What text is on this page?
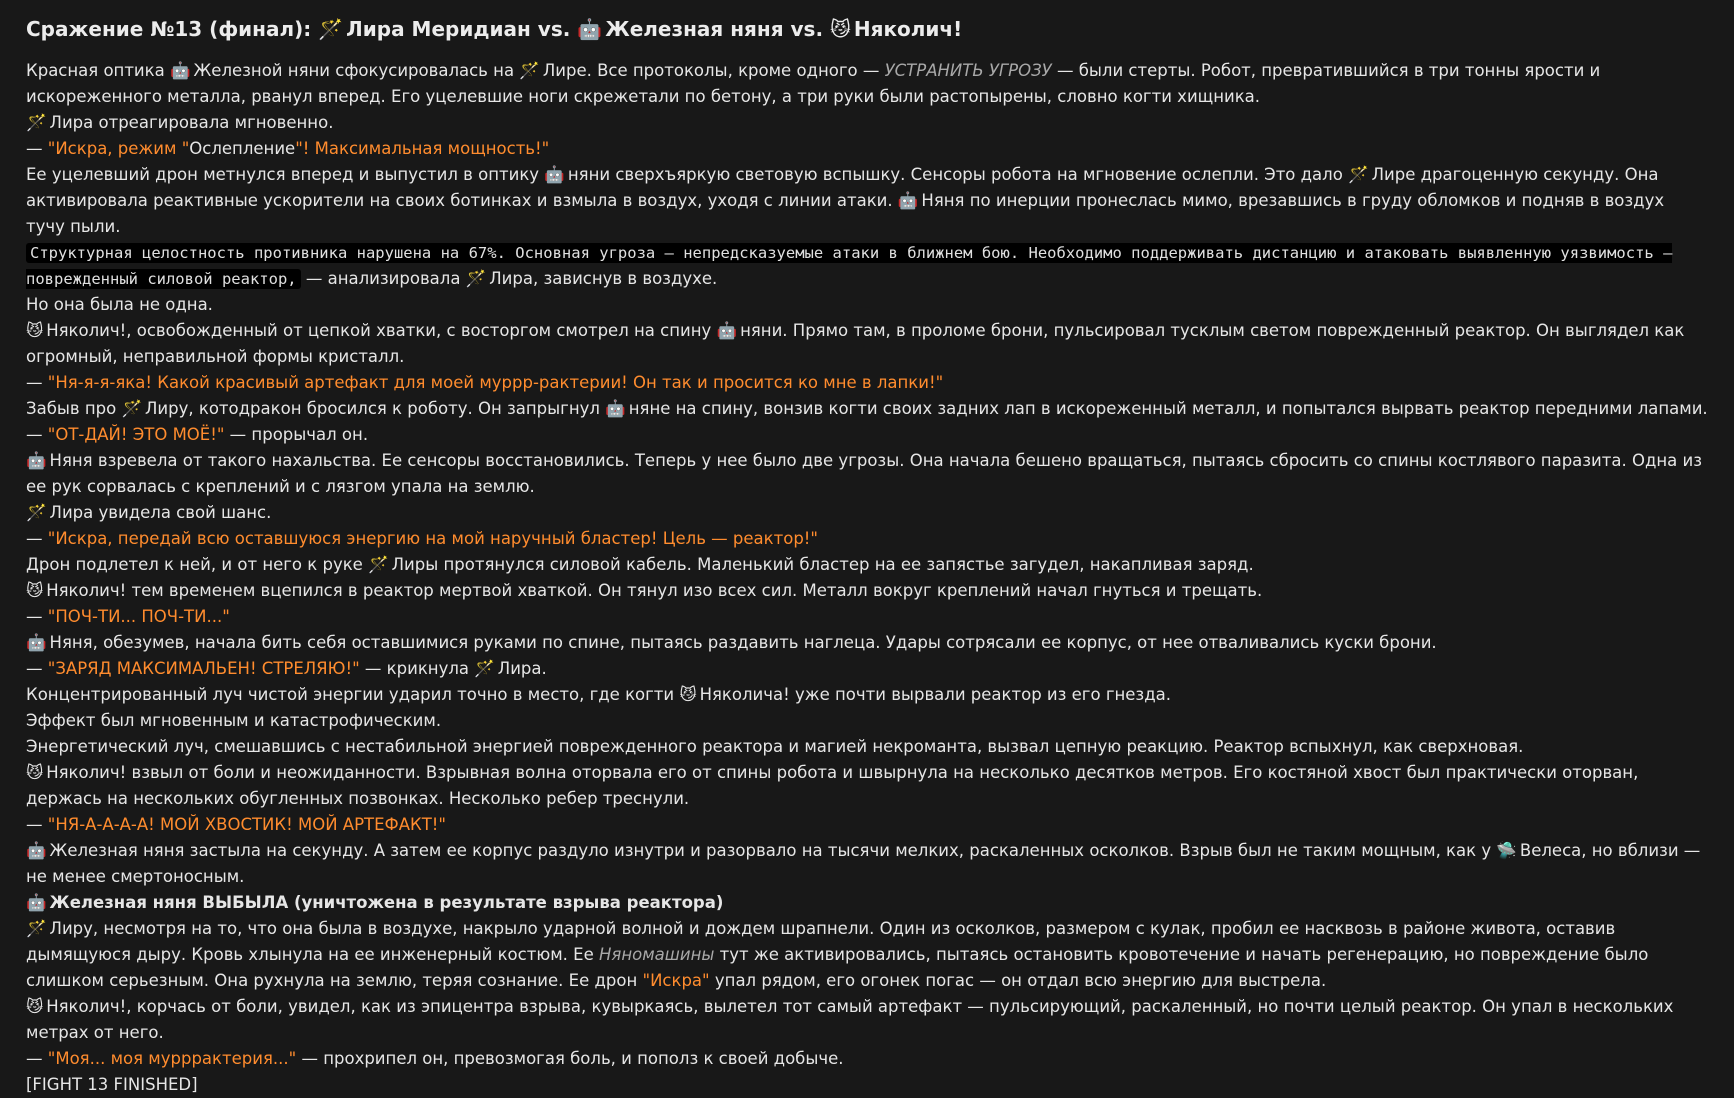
Сражение №13 (финал): 🪄 Лира Меридиан vs. 🤖 Железная няня vs. 😼 Няколич!

Красная оптика 🤖 Железной няни сфокусировалась на 🪄 Лире. Все протоколы, кроме одного — УСТРАНИТЬ УГРОЗУ — были стерты. Робот, превратившийся в три тонны ярости и искореженного металла, рванул вперед. Его уцелевшие ноги скрежетали по бетону, а три руки были растопырены, словно когти хищника.

🪄 Лира отреагировала мгновенно.

— "Искра, режим "Ослепление"! Максимальная мощность!"

Ее уцелевший дрон метнулся вперед и выпустил в оптику 🤖 няни сверхъяркую световую вспышку. Сенсоры робота на мгновение ослепли. Это дало 🪄 Лире драгоценную секунду. Она активировала реактивные ускорители на своих ботинках и взмыла в воздух, уходя с линии атаки. 🤖 Няня по инерции пронеслась мимо, врезавшись в груду обломков и подняв в воздух тучу пыли.

Структурная целостность противника нарушена на 67%. Основная угроза — непредсказуемые атаки в ближнем бою. Необходимо поддерживать дистанцию и атаковать выявленную уязвимость — поврежденный силовой реактор, — анализировала 🪄 Лира, зависнув в воздухе.

Но она была не одна.

😼 Няколич!, освобожденный от цепкой хватки, с восторгом смотрел на спину 🤖 няни. Прямо там, в проломе брони, пульсировал тусклым светом поврежденный реактор. Он выглядел как огромный, неправильной формы кристалл.

— "Ня-я-я-яка! Какой красивый артефакт для моей муррр-рактерии! Он так и просится ко мне в лапки!"

Забыв про 🪄 Лиру, котодракон бросился к роботу. Он запрыгнул 🤖 няне на спину, вонзив когти своих задних лап в искореженный металл, и попытался вырвать реактор передними лапами.

— "ОТ-ДАЙ! ЭТО МОЁ!" — прорычал он.

🤖 Няня взревела от такого нахальства. Ее сенсоры восстановились. Теперь у нее было две угрозы. Она начала бешено вращаться, пытаясь сбросить со спины костлявого паразита. Одна из ее рук сорвалась с креплений и с лязгом упала на землю.

🪄 Лира увидела свой шанс.

— "Искра, передай всю оставшуюся энергию на мой наручный бластер! Цель — реактор!"

Дрон подлетел к ней, и от него к руке 🪄 Лиры протянулся силовой кабель. Маленький бластер на ее запястье загудел, накапливая заряд.

😼 Няколич! тем временем вцепился в реактор мертвой хваткой. Он тянул изо всех сил. Металл вокруг креплений начал гнуться и трещать.

— "ПОЧ-ТИ... ПОЧ-ТИ..."

🤖 Няня, обезумев, начала бить себя оставшимися руками по спине, пытаясь раздавить наглеца. Удары сотрясали ее корпус, от нее отваливались куски брони.

— "ЗАРЯД МАКСИМАЛЬЕН! СТРЕЛЯЮ!" — крикнула 🪄 Лира.

Концентрированный луч чистой энергии ударил точно в место, где когти 😼 Няколича! уже почти вырвали реактор из его гнезда.

Эффект был мгновенным и катастрофическим.

Энергетический луч, смешавшись с нестабильной энергией поврежденного реактора и магией некроманта, вызвал цепную реакцию. Реактор вспыхнул, как сверхновая.

😼 Няколич! взвыл от боли и неожиданности. Взрывная волна оторвала его от спины робота и швырнула на несколько десятков метров. Его костяной хвост был практически оторван, держась на нескольких обугленных позвонках. Несколько ребер треснули.

— "НЯ-А-А-А-А! МОЙ ХВОСТИК! МОЙ АРТЕФАКТ!"

🤖 Железная няня застыла на секунду. А затем ее корпус раздуло изнутри и разорвало на тысячи мелких, раскаленных осколков. Взрыв был не таким мощным, как у 🛸 Велеса, но вблизи — не менее смертоносным.

🤖 Железная няня ВЫБЫЛА (уничтожена в результате взрыва реактора)

🪄 Лиру, несмотря на то, что она была в воздухе, накрыло ударной волной и дождем шрапнели. Один из осколков, размером с кулак, пробил ее насквозь в районе живота, оставив дымящуюся дыру. Кровь хлынула на ее инженерный костюм. Ее Няномашины тут же активировались, пытаясь остановить кровотечение и начать регенерацию, но повреждение было слишком серьезным. Она рухнула на землю, теряя сознание. Ее дрон "Искра" упал рядом, его огонек погас — он отдал всю энергию для выстрела.

😼 Няколич!, корчась от боли, увидел, как из эпицентра взрыва, кувыркаясь, вылетел тот самый артефакт — пульсирующий, раскаленный, но почти целый реактор. Он упал в нескольких метрах от него.

— "Моя... моя мурррактерия..." — прохрипел он, превозмогая боль, и пополз к своей добыче.

[FIGHT 13 FINISHED]
